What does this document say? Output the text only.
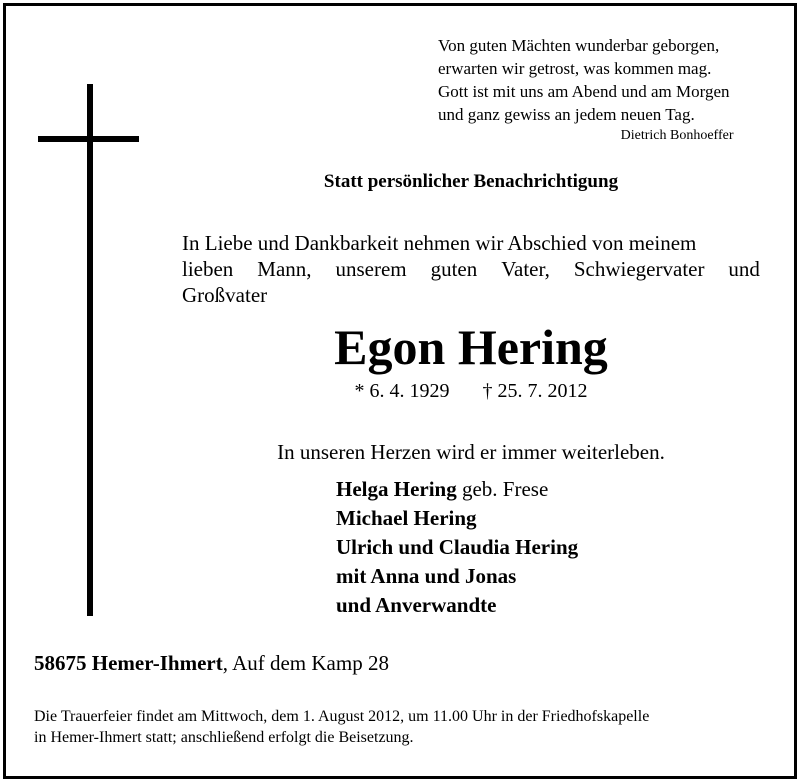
Von guten Mächten wunderbar geborgen,
erwarten wir getrost, was kommen mag.
Gott ist mit uns am Abend und am Morgen
und ganz gewiss an jedem neuen Tag.
Dietrich Bonhoeffer
Statt persönlicher Benachrichtigung
In Liebe und Dankbarkeit nehmen wir Abschied von meinem
lieben Mann, unserem guten Vater, Schwiegervater und
Großvater
Egon Hering
* 6. 4. 1929 † 25. 7. 2012
In unseren Herzen wird er immer weiterleben.
Helga Hering geb. Frese
Michael Hering
Ulrich und Claudia Hering
mit Anna und Jonas
und Anverwandte
58675 Hemer-Ihmert, Auf dem Kamp 28
Die Trauerfeier findet am Mittwoch, dem 1. August 2012, um 11.00 Uhr in der Friedhofskapelle
in Hemer-Ihmert statt; anschließend erfolgt die Beisetzung.
